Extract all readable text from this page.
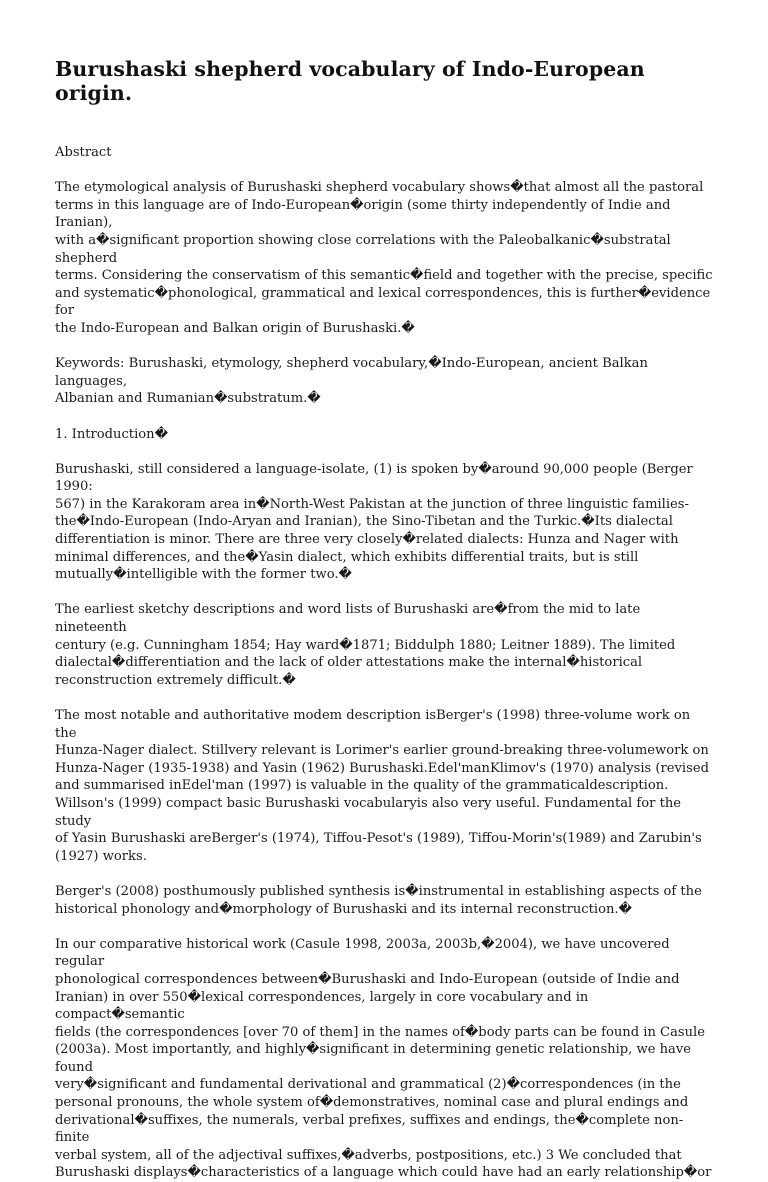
Burushaski shepherd vocabulary of Indo-European origin.

Abstract

The etymological analysis of Burushaski shepherd vocabulary shows�that almost all the pastoral
terms in this language are of Indo-European�origin (some thirty independently of Indie and Iranian),
with a�significant proportion showing close correlations with the Paleobalkanic�substratal shepherd
terms. Considering the conservatism of this semantic�field and together with the precise, specific
and systematic�phonological, grammatical and lexical correspondences, this is further�evidence for
the Indo-European and Balkan origin of Burushaski.�

Keywords: Burushaski, etymology, shepherd vocabulary,�Indo-European, ancient Balkan languages,
Albanian and Rumanian�substratum.�

1. Introduction�

Burushaski, still considered a language-isolate, (1) is spoken by�around 90,000 people (Berger 1990:
567) in the Karakoram area in�North-West Pakistan at the junction of three linguistic families-
the�Indo-European (Indo-Aryan and Iranian), the Sino-Tibetan and the Turkic.�Its dialectal
differentiation is minor. There are three very closely�related dialects: Hunza and Nager with
minimal differences, and the�Yasin dialect, which exhibits differential traits, but is still
mutually�intelligible with the former two.�

The earliest sketchy descriptions and word lists of Burushaski are�from the mid to late nineteenth
century (e.g. Cunningham 1854; Hay ward�1871; Biddulph 1880; Leitner 1889). The limited
dialectal�differentiation and the lack of older attestations make the internal�historical
reconstruction extremely difficult.�

The most notable and authoritative modem description isBerger's (1998) three-volume work on the
Hunza-Nager dialect. Stillvery relevant is Lorimer's earlier ground-breaking three-volumework on
Hunza-Nager (1935-1938) and Yasin (1962) Burushaski.Edel'manKlimov's (1970) analysis (revised
and summarised inEdel'man (1997) is valuable in the quality of the grammaticaldescription.
Willson's (1999) compact basic Burushaski vocabularyis also very useful. Fundamental for the study
of Yasin Burushaski areBerger's (1974), Tiffou-Pesot's (1989), Tiffou-Morin's(1989) and Zarubin's
(1927) works.

Berger's (2008) posthumously published synthesis is�instrumental in establishing aspects of the
historical phonology and�morphology of Burushaski and its internal reconstruction.�

In our comparative historical work (Casule 1998, 2003a, 2003b,�2004), we have uncovered regular
phonological correspondences between�Burushaski and Indo-European (outside of Indie and
Iranian) in over 550�lexical correspondences, largely in core vocabulary and in compact�semantic
fields (the correspondences [over 70 of them] in the names of�body parts can be found in Casule
(2003a). Most importantly, and highly�significant in determining genetic relationship, we have found
very�significant and fundamental derivational and grammatical (2)�correspondences (in the
personal pronouns, the whole system of�demonstratives, nominal case and plural endings and
derivational�suffixes, the numerals, verbal prefixes, suffixes and endings, the�complete non-finite
verbal system, all of the adjectival suffixes,�adverbs, postpositions, etc.) 3 We concluded that
Burushaski displays�characteristics of a language which could have had an early relationship�or
